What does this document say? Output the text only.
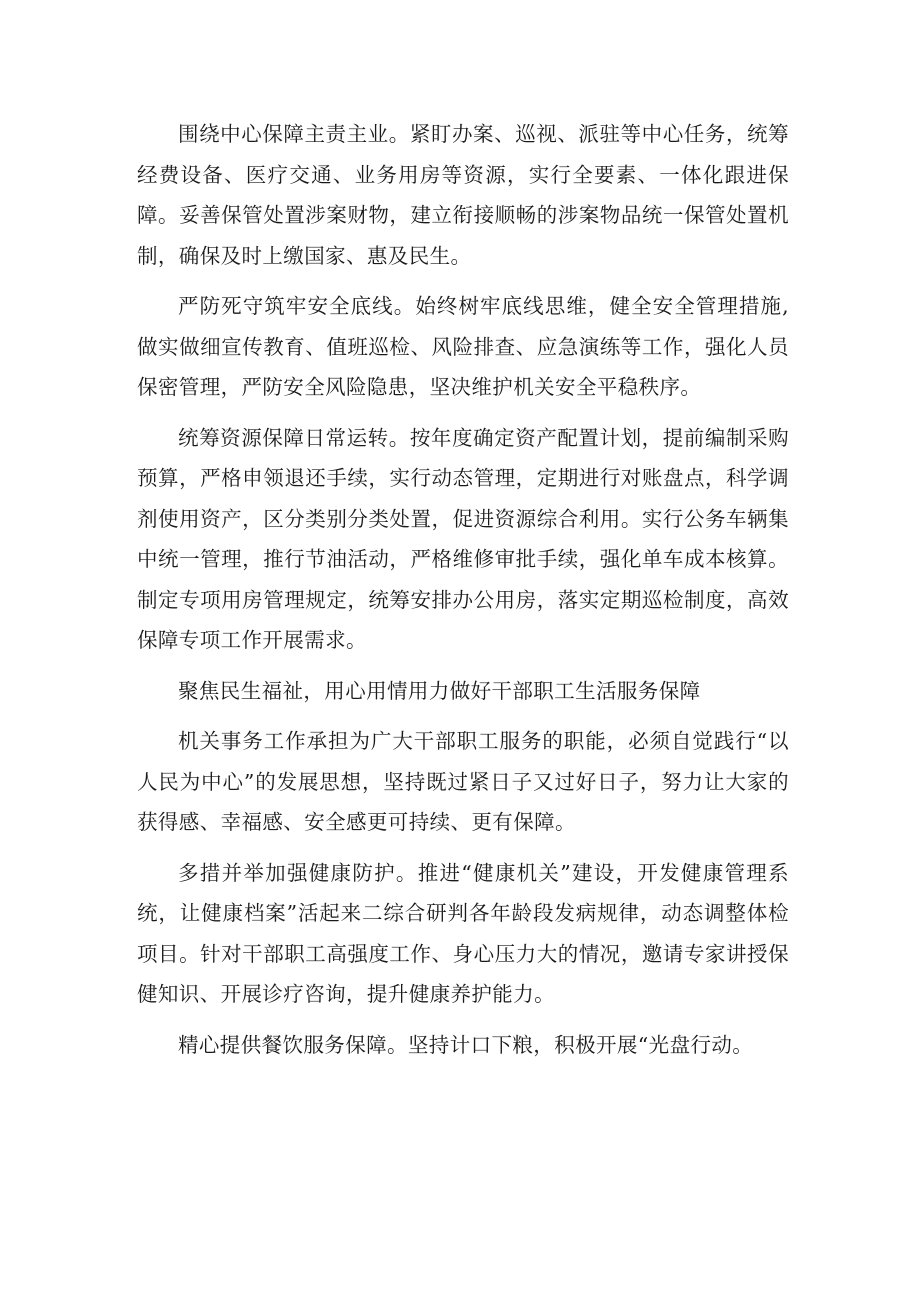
围绕中心保障主责主业。紧盯办案、巡视、派驻等中心任务，统筹经费设备、医疗交通、业务用房等资源，实行全要素、一体化跟进保障。妥善保管处置涉案财物，建立衔接顺畅的涉案物品统一保管处置机制，确保及时上缴国家、惠及民生。

严防死守筑牢安全底线。始终树牢底线思维，健全安全管理措施,做实做细宣传教育、值班巡检、风险排查、应急演练等工作，强化人员保密管理，严防安全风险隐患，坚决维护机关安全平稳秩序。

统筹资源保障日常运转。按年度确定资产配置计划，提前编制采购预算，严格申领退还手续，实行动态管理，定期进行对账盘点，科学调剂使用资产，区分类别分类处置，促进资源综合利用。实行公务车辆集中统一管理，推行节油活动，严格维修审批手续，强化单车成本核算。制定专项用房管理规定，统筹安排办公用房，落实定期巡检制度，高效保障专项工作开展需求。

聚焦民生福祉，用心用情用力做好干部职工生活服务保障

机关事务工作承担为广大干部职工服务的职能，必须自觉践行“以人民为中心”的发展思想，坚持既过紧日子又过好日子，努力让大家的获得感、幸福感、安全感更可持续、更有保障。

多措并举加强健康防护。推进“健康机关”建设，开发健康管理系统，让健康档案”活起来二综合研判各年龄段发病规律，动态调整体检项目。针对干部职工高强度工作、身心压力大的情况，邀请专家讲授保健知识、开展诊疗咨询，提升健康养护能力。

精心提供餐饮服务保障。坚持计口下粮，积极开展“光盘行动。
